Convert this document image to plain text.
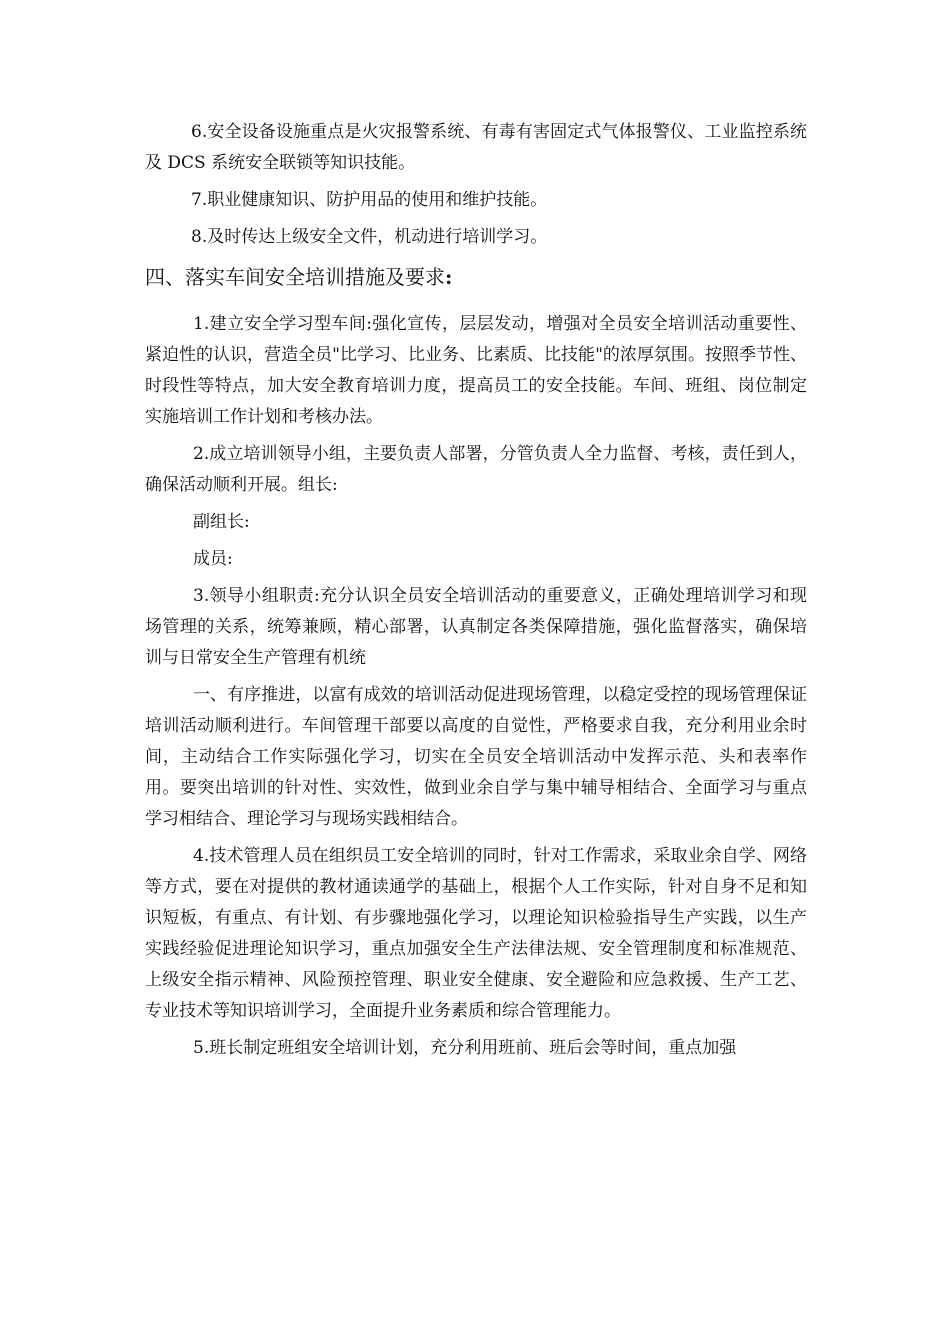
6.安全设备设施重点是火灾报警系统、有毒有害固定式气体报警仪、工业监控系统及 DCS 系统安全联锁等知识技能。

7.职业健康知识、防护用品的使用和维护技能。

8.及时传达上级安全文件，机动进行培训学习。

四、落实车间安全培训措施及要求:

1.建立安全学习型车间:强化宣传，层层发动，增强对全员安全培训活动重要性、紧迫性的认识，营造全员"比学习、比业务、比素质、比技能"的浓厚氛围。按照季节性、时段性等特点，加大安全教育培训力度，提高员工的安全技能。车间、班组、岗位制定实施培训工作计划和考核办法。

2.成立培训领导小组，主要负责人部署，分管负责人全力监督、考核，责任到人，确保活动顺利开展。组长:

副组长:

成员:

3.领导小组职责:充分认识全员安全培训活动的重要意义，正确处理培训学习和现场管理的关系，统筹兼顾，精心部署，认真制定各类保障措施，强化监督落实，确保培训与日常安全生产管理有机统

一、有序推进，以富有成效的培训活动促进现场管理，以稳定受控的现场管理保证培训活动顺利进行。车间管理干部要以高度的自觉性，严格要求自我，充分利用业余时间，主动结合工作实际强化学习，切实在全员安全培训活动中发挥示范、头和表率作用。要突出培训的针对性、实效性，做到业余自学与集中辅导相结合、全面学习与重点学习相结合、理论学习与现场实践相结合。

4.技术管理人员在组织员工安全培训的同时，针对工作需求，采取业余自学、网络等方式，要在对提供的教材通读通学的基础上，根据个人工作实际，针对自身不足和知识短板，有重点、有计划、有步骤地强化学习，以理论知识检验指导生产实践，以生产实践经验促进理论知识学习，重点加强安全生产法律法规、安全管理制度和标准规范、上级安全指示精神、风险预控管理、职业安全健康、安全避险和应急救援、生产工艺、专业技术等知识培训学习，全面提升业务素质和综合管理能力。

5.班长制定班组安全培训计划，充分利用班前、班后会等时间，重点加强
